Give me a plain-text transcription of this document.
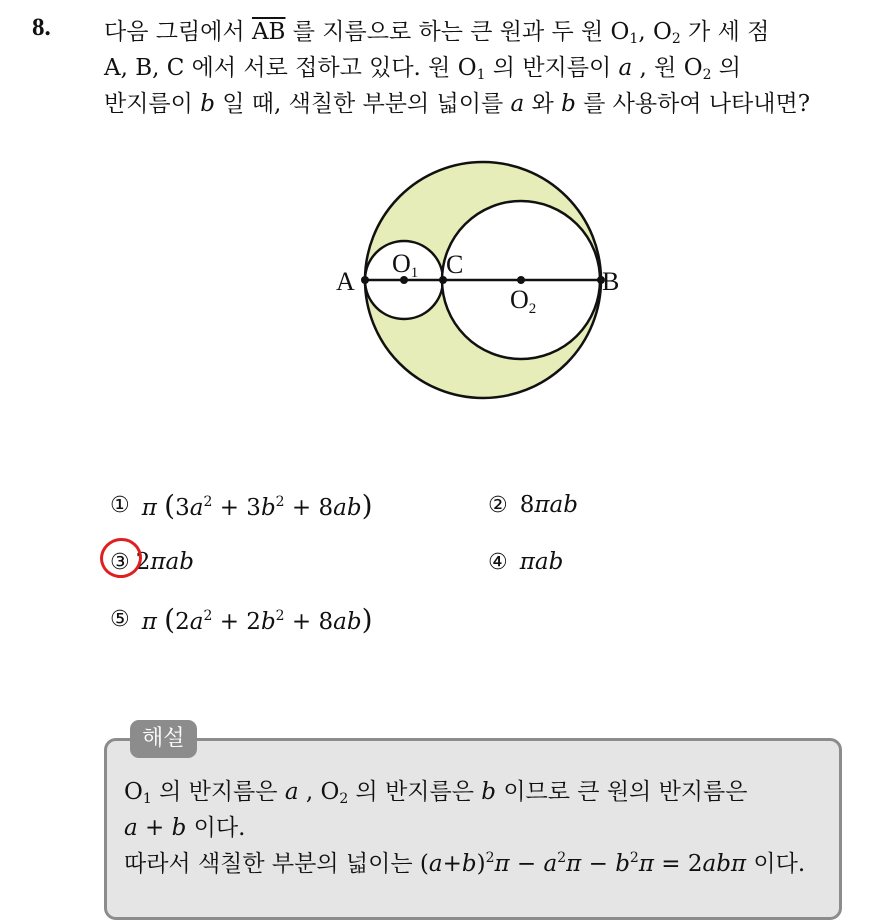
8. 다음 그림에서 $\overline{AB}$ 를 지름으로 하는 큰 원과 두 원 $O_1$, $O_2$ 가 세 점

A, B, C 에서 서로 접하고 있다. 원 $O_1$ 의 반지름이 a , 원 $O_2$ 의

반지름이 b 일 때, 색칠한 부분의 넓이를 a 와 b 를 사용하여 나타내면?

A	B
C
O1
O2
① π $(3a^2 + 3b^2 + 8ab)$	② 8πab
③ 2πab	④ πab
⑤ π $(2a^2 + 2b^2 + 8ab)$
해설

$O_1$ 의 반지름은 a , $O_2$ 의 반지름은 b 이므로 큰 원의 반지름은

a + b 이다.

따라서 색칠한 부분의 넓이는 $(a+b)^2\pi - a^2\pi - b^2\pi = 2ab\pi$ 이다.
